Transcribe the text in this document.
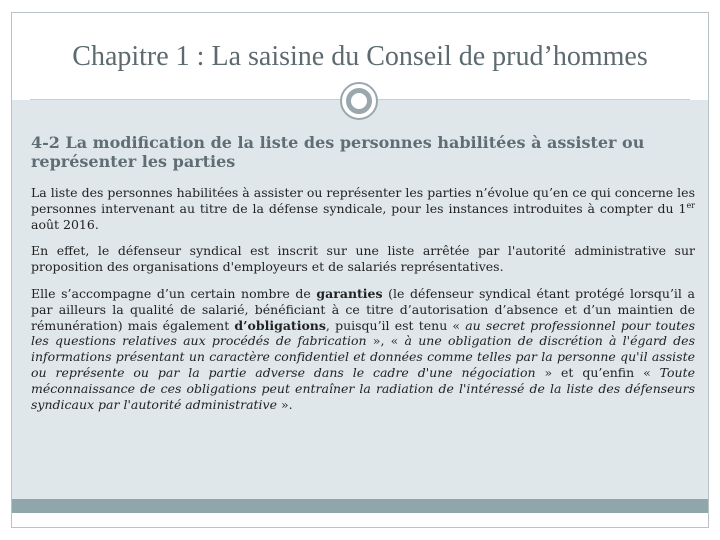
Chapitre 1 : La saisine du Conseil de prud’hommes
4-2 La modification de la liste des personnes habilitées à assister ou représenter les parties

La liste des personnes habilitées à assister ou représenter les parties n’évolue qu’en ce qui concerne les personnes intervenant au titre de la défense syndicale, pour les instances introduites à compter du 1er août 2016.

En effet, le défenseur syndical est inscrit sur une liste arrêtée par l'autorité administrative sur proposition des organisations d'employeurs et de salariés représentatives.

Elle s’accompagne d’un certain nombre de garanties (le défenseur syndical étant protégé lorsqu’il a par ailleurs la qualité de salarié, bénéficiant à ce titre d’autorisation d’absence et d’un maintien de rémunération) mais également d’obligations, puisqu’il est tenu « au secret professionnel pour toutes les questions relatives aux procédés de fabrication », « à une obligation de discrétion à l'égard des informations présentant un caractère confidentiel et données comme telles par la personne qu'il assiste ou représente ou par la partie adverse dans le cadre d'une négociation » et qu’enfin « Toute méconnaissance de ces obligations peut entraîner la radiation de l'intéressé de la liste des défenseurs syndicaux par l'autorité administrative ».
